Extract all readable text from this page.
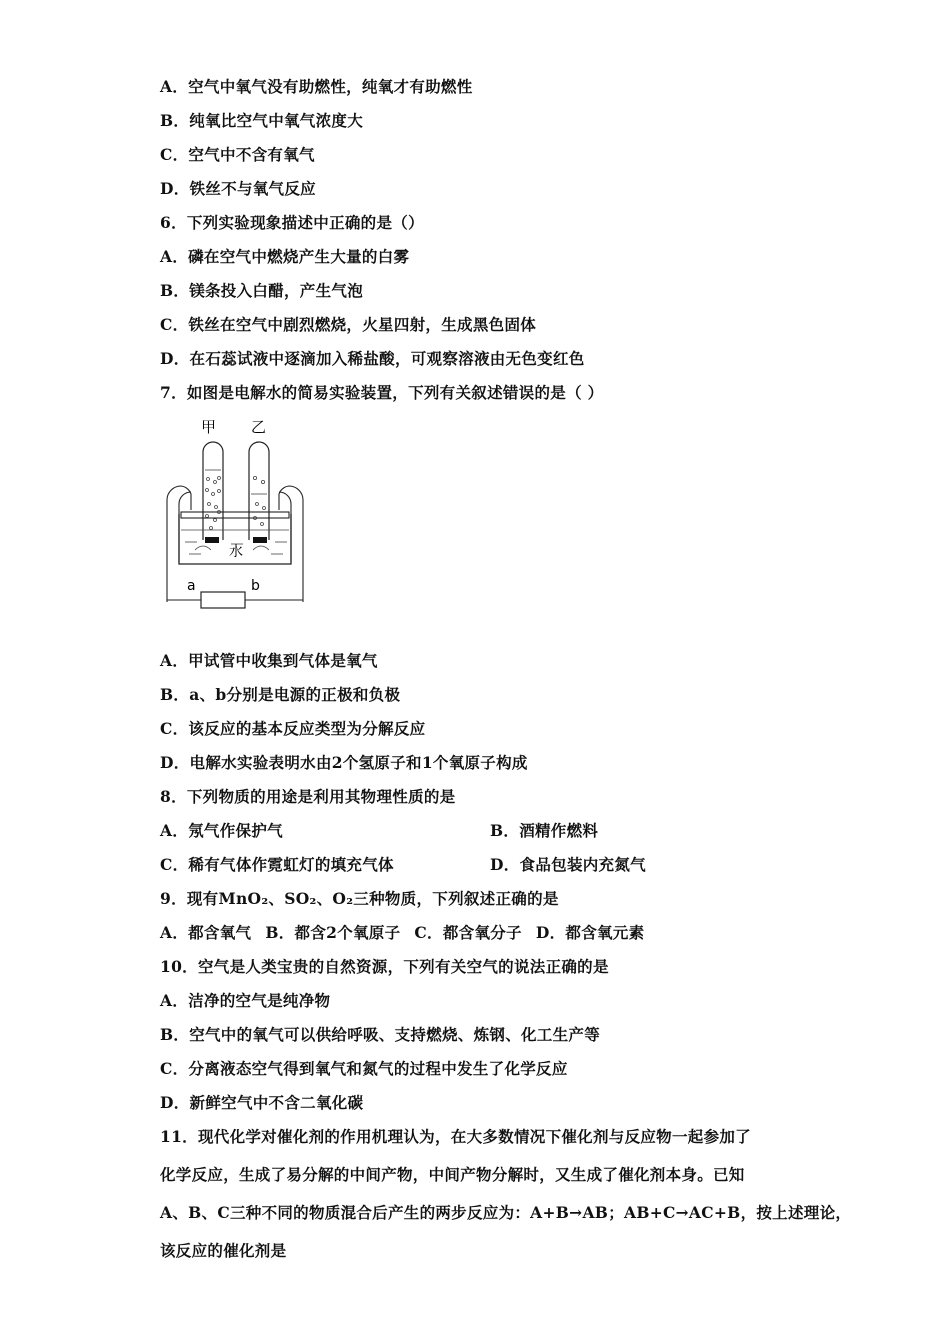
A．空气中氧气没有助燃性，纯氧才有助燃性
B．纯氧比空气中氧气浓度大
C．空气中不含有氧气
D．铁丝不与氧气反应
6．下列实验现象描述中正确的是（）
A．磷在空气中燃烧产生大量的白雾
B．镁条投入白醋，产生气泡
C．铁丝在空气中剧烈燃烧，火星四射，生成黑色固体
D．在石蕊试液中逐滴加入稀盐酸，可观察溶液由无色变红色
7．如图是电解水的简易实验装置，下列有关叙述错误的是（ ）
甲 乙
水
a	b
A．甲试管中收集到气体是氧气
B．a、b分别是电源的正极和负极
C．该反应的基本反应类型为分解反应
D．电解水实验表明水由2个氢原子和1个氧原子构成
8．下列物质的用途是利用其物理性质的是
A．氖气作保护气	B．酒精作燃料
C．稀有气体作霓虹灯的填充气体	D．食品包装内充氮气
9．现有MnO₂、SO₂、O₂三种物质，下列叙述正确的是
A．都含氧气 B．都含2个氧原子 C．都含氧分子 D．都含氧元素
10．空气是人类宝贵的自然资源，下列有关空气的说法正确的是
A．洁净的空气是纯净物
B．空气中的氧气可以供给呼吸、支持燃烧、炼钢、化工生产等
C．分离液态空气得到氧气和氮气的过程中发生了化学反应
D．新鲜空气中不含二氧化碳
11．现代化学对催化剂的作用机理认为，在大多数情况下催化剂与反应物一起参加了
化学反应，生成了易分解的中间产物，中间产物分解时，又生成了催化剂本身。已知
A、B、C三种不同的物质混合后产生的两步反应为：A+B→AB；AB+C→AC+B，按上述理论，
该反应的催化剂是
